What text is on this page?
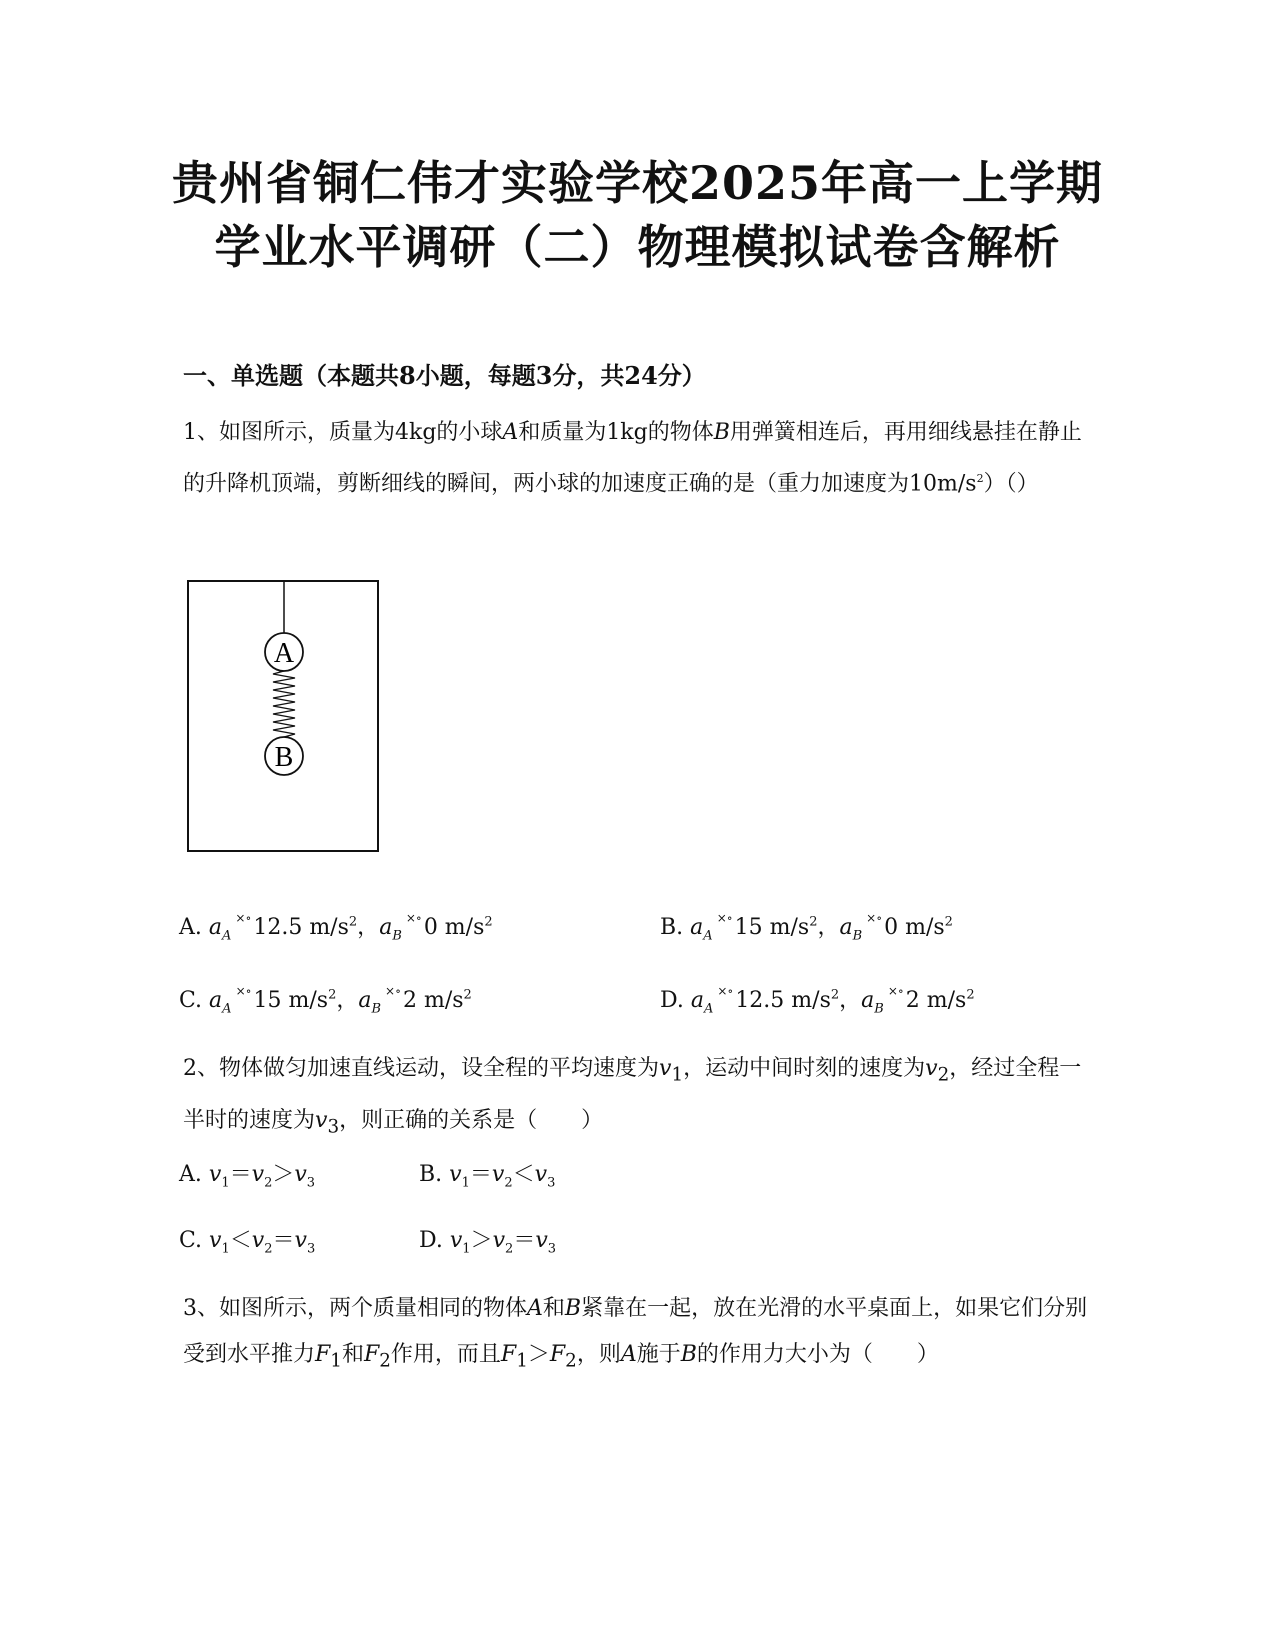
贵州省铜仁伟才实验学校2025年高一上学期
学业水平调研（二）物理模拟试卷含解析
一、单选题（本题共8小题，每题3分，共24分）
1、如图所示，质量为4kg的小球A和质量为1kg的物体B用弹簧相连后，再用细线悬挂在静止的升降机顶端，剪断细线的瞬间，两小球的加速度正确的是（重力加速度为$10m/s^2)()$
A
B
A. $a_A^{\times\circ}12.5$ $m/s^2$，$a_B^{\times\circ}0$ $m/s^2$	B. $a_A^{\times\circ}15$ $m/s^2$，$a_B^{\times\circ}0$ $m/s^2$
C. $a_A^{\times\circ}15$ $m/s^2$，$a_B^{\times\circ}2$ $m/s^2$	D. $a_A^{\times\circ}12.5$ $m/s^2$，$a_B^{\times\circ}2$ $m/s^2$
2、物体做匀加速直线运动，设全程的平均速度为$v_1$，运动中间时刻的速度为$v_2$，经过全程一半时的速度为$v_3$，则正确的关系是（　　）
A. $v_1=v_2>v_3$	B. $v_1=v_2<v_3$
C. $v_1<v_2=v_3$	D. $v_1>v_2=v_3$
3、如图所示，两个质量相同的物体A和B紧靠在一起，放在光滑的水平桌面上，如果它们分别受到水平推力$F_1$和$F_2$作用，而且$F_1>F_2$，则A施于B的作用力大小为（　　）
